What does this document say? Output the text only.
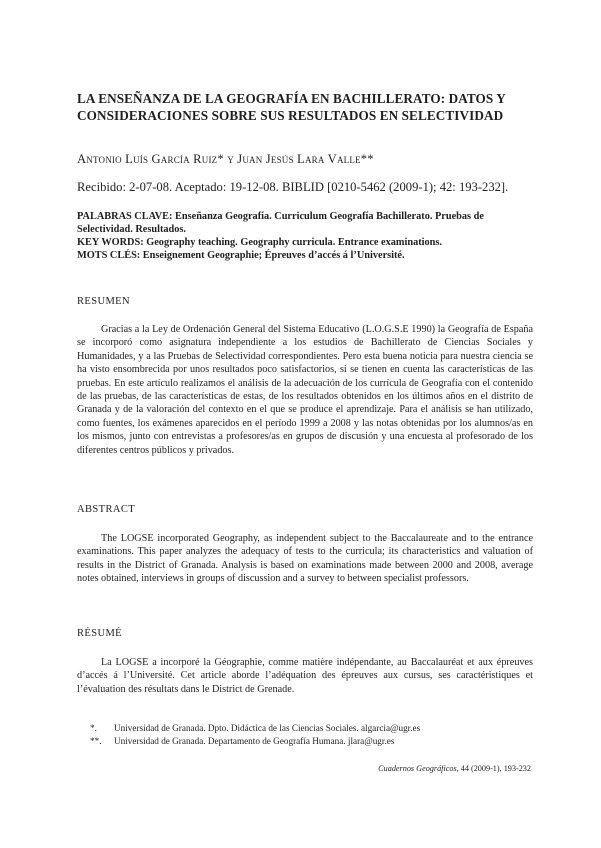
LA ENSEÑANZA DE LA GEOGRAFÍA EN BACHILLERATO: DATOS Y CONSIDERACIONES SOBRE SUS RESULTADOS EN SELECTIVIDAD
Antonio Luís García Ruiz* y Juan Jesús Lara Valle**
Recibido: 2-07-08. Aceptado: 19-12-08. BIBLID [0210-5462 (2009-1); 42: 193-232].
PALABRAS CLAVE: Enseñanza Geografía. Curriculum Geografía Bachillerato. Pruebas de Selectividad. Resultados.
KEY WORDS: Geography teaching. Geography curricula. Entrance examinations.
MOTS CLÉS: Enseignement Geographie; Épreuves d’accés á l’Université.
RESUMEN

Gracias a la Ley de Ordenación General del Sistema Educativo (L.O.G.S.E 1990) la Geografía de España se incorporó como asignatura independiente a los estudios de Bachillerato de Ciencias Sociales y Humanidades, y a las Pruebas de Selectividad correspondientes. Pero esta buena noticia para nuestra ciencia se ha visto ensombrecida por unos resultados poco satisfactorios, si se tienen en cuenta las características de las pruebas. En este artículo realizamos el análisis de la adecuación de los currícula de Geografía con el contenido de las pruebas, de las características de estas, de los resultados obtenidos en los últimos años en el distrito de Granada y de la valoración del contexto en el que se produce el aprendizaje. Para el análisis se han utilizado, como fuentes, los exámenes aparecidos en el período 1999 a 2008 y las notas obtenidas por los alumnos/as en los mismos, junto con entrevistas a profesores/as en grupos de discusión y una encuesta al profesorado de los diferentes centros públicos y privados.

ABSTRACT

The LOGSE incorporated Geography, as independent subject to the Baccalaureate and to the entrance examinations. This paper analyzes the adequacy of tests to the curricula; its characteristics and valuation of results in the District of Granada. Analysis is based on examinations made between 2000 and 2008, average notes obtained, interviews in groups of discussion and a survey to between specialist professors.

RÉSUMÉ

La LOGSE a incorporé la Géographie, comme matière indépendante, au Baccalauréat et aux épreuves d’accés á l’Université. Cet article aborde l’adéquation des épreuves aux cursus, ses caractéristiques et l’évaluation des résultats dans le District de Grenade.

*. Universidad de Granada. Dpto. Didáctica de las Ciencias Sociales. algarcia@ugr.es
**. Universidad de Granada. Departamento de Geografía Humana. jlara@ugr.es
Cuadernos Geográficos, 44 (2009-1), 193-232
